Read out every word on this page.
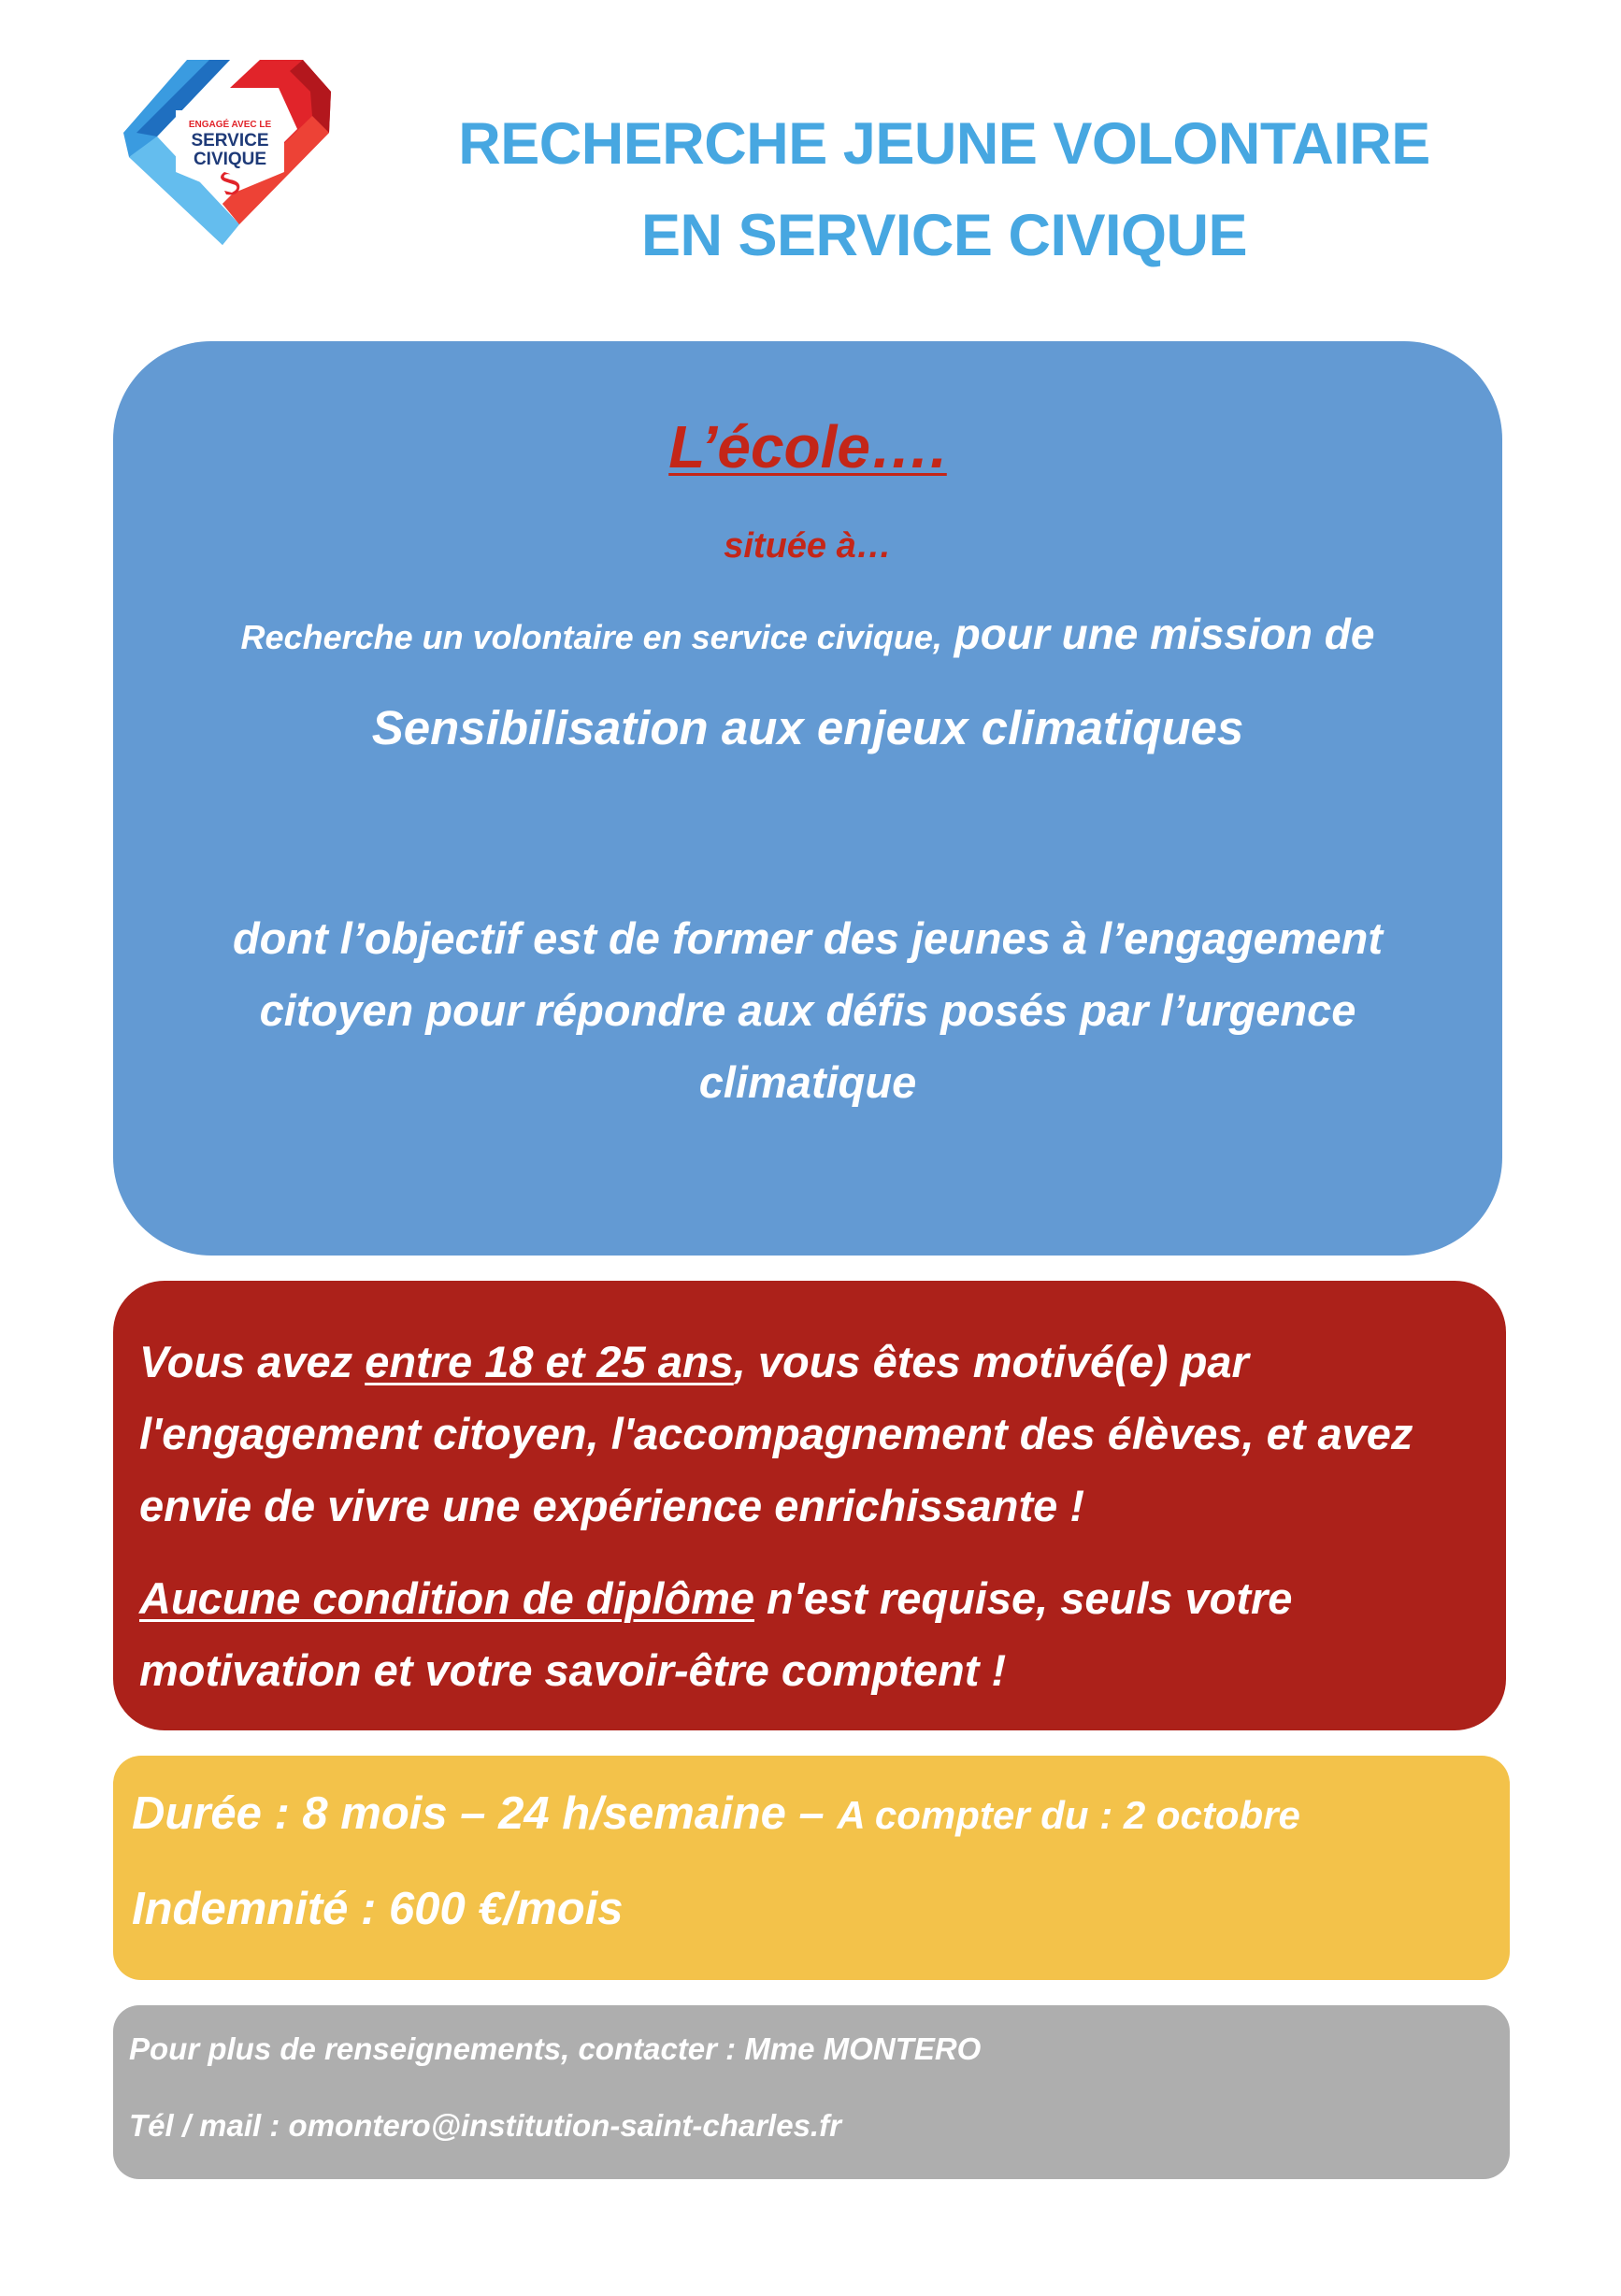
ENGAGÉ AVEC LE
SERVICE
CIVIQUE	RECHERCHE JEUNE VOLONTAIRE
EN SERVICE CIVIQUE
L’école….
située à…
Recherche un volontaire en service civique, pour une mission de
Sensibilisation aux enjeux climatiques
dont l’objectif est de former des jeunes à l’engagement citoyen pour répondre aux défis posés par l’urgence climatique

Vous avez entre 18 et 25 ans, vous êtes motivé(e) par l'engagement citoyen, l'accompagnement des élèves, et avez envie de vivre une expérience enrichissante !

Aucune condition de diplôme n'est requise, seuls votre motivation et votre savoir-être comptent !

Durée : 8 mois – 24 h/semaine – A compter du : 2 octobre
Indemnité : 600 €/mois
Pour plus de renseignements, contacter : Mme MONTERO
Tél / mail : omontero@institution-saint-charles.fr
